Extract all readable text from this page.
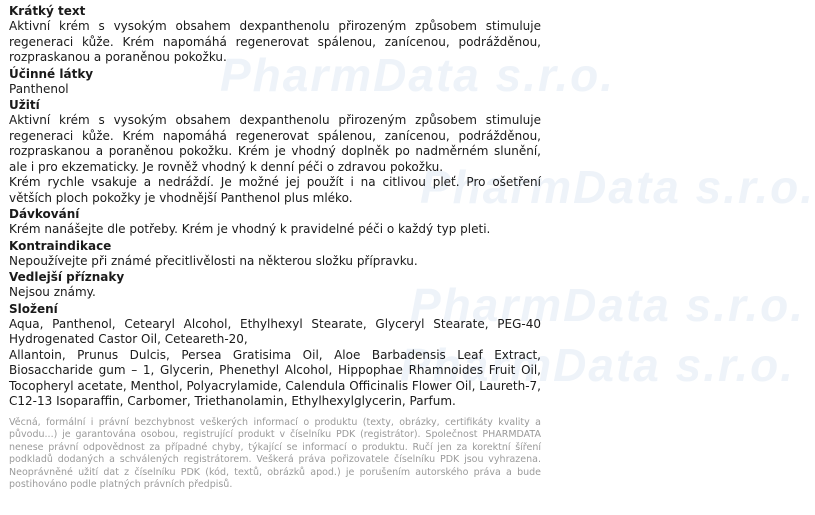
PharmData s.r.o.
PharmData s.r.o.
PharmData s.r.o.
PharmData s.r.o.
Krátký text
Aktivní krém s vysokým obsahem dexpanthenolu přirozeným způsobem stimuluje regeneraci kůže. Krém napomáhá regenerovat spálenou, zanícenou, podrážděnou, rozpraskanou a poraněnou pokožku.
Účinné látky
Panthenol
Užití
Aktivní krém s vysokým obsahem dexpanthenolu přirozeným způsobem stimuluje regeneraci kůže. Krém napomáhá regenerovat spálenou, zanícenou, podrážděnou, rozpraskanou a poraněnou pokožku. Krém je vhodný doplněk po nadměrném slunění, ale i pro ekzematicky. Je rovněž vhodný k denní péči o zdravou pokožku.
Krém rychle vsakuje a nedráždí. Je možné jej použít i na citlivou pleť. Pro ošetření větších ploch pokožky je vhodnější Panthenol plus mléko.
Dávkování
Krém nanášejte dle potřeby. Krém je vhodný k pravidelné péči o každý typ pleti.
Kontraindikace
Nepoužívejte při známé přecitlivělosti na některou složku přípravku.
Vedlejší příznaky
Nejsou známy.
Složení
Aqua, Panthenol, Cetearyl Alcohol, Ethylhexyl Stearate, Glyceryl Stearate, PEG-40 Hydrogenated Castor Oil, Ceteareth-20,
Allantoin, Prunus Dulcis, Persea Gratisima Oil, Aloe Barbadensis Leaf Extract, Biosaccharide gum – 1, Glycerin, Phenethyl Alcohol, Hippophae Rhamnoides Fruit Oil, Tocopheryl acetate, Menthol, Polyacrylamide, Calendula Officinalis Flower Oil, Laureth-7, C12-13 Isoparaffin, Carbomer, Triethanolamin, Ethylhexylglycerin, Parfum.
Věcná, formální i právní bezchybnost veškerých informací o produktu (texty, obrázky, certifikáty kvality a původu...) je garantována osobou, registrující produkt v číselníku PDK (registrátor). Společnost PHARMDATA nenese právní odpovědnost za případné chyby, týkající se informací o produktu. Ručí jen za korektní šíření podkladů dodaných a schválených registrátorem. Veškerá práva pořizovatele číselníku PDK jsou vyhrazena. Neoprávněné užití dat z číselníku PDK (kód, textů, obrázků apod.) je porušením autorského práva a bude postihováno podle platných právních předpisů.
